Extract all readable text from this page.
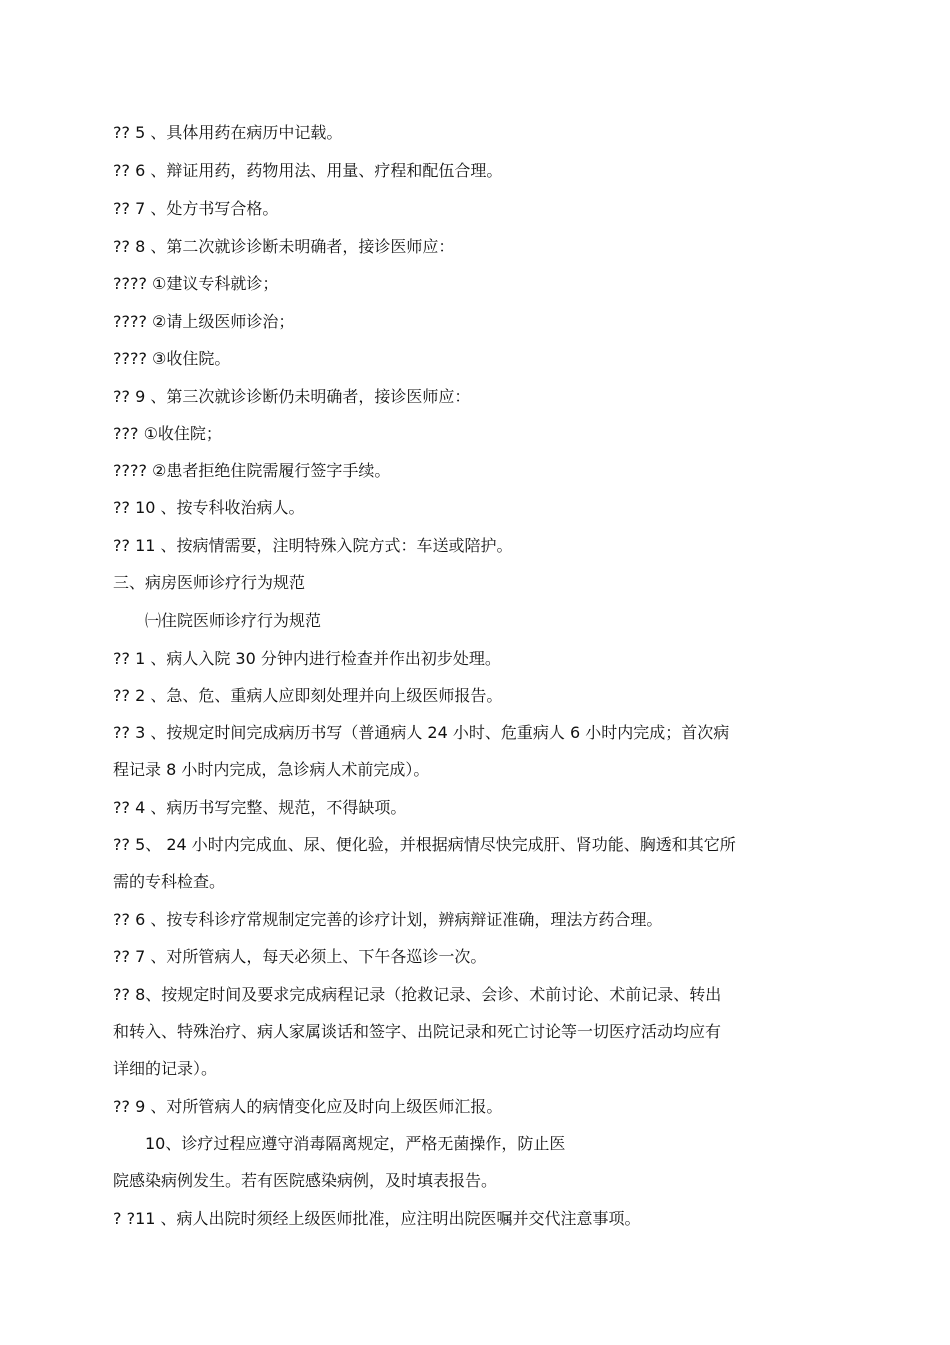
?? 5 、具体用药在病历中记载。
?? 6 、辩证用药，药物用法、用量、疗程和配伍合理。
?? 7 、处方书写合格。
?? 8 、第二次就诊诊断未明确者，接诊医师应：
???? ①建议专科就诊；
???? ②请上级医师诊治；
???? ③收住院。
?? 9 、第三次就诊诊断仍未明确者，接诊医师应：
??? ①收住院；
???? ②患者拒绝住院需履行签字手续。
?? 10 、按专科收治病人。
?? 11 、按病情需要，注明特殊入院方式：车送或陪护。
三、病房医师诊疗行为规范
㈠住院医师诊疗行为规范
?? 1 、病人入院 30 分钟内进行检查并作出初步处理。
?? 2 、急、危、重病人应即刻处理并向上级医师报告。
?? 3 、按规定时间完成病历书写（普通病人 24 小时、危重病人 6 小时内完成；首次病
程记录 8 小时内完成，急诊病人术前完成）。
?? 4 、病历书写完整、规范，不得缺项。
?? 5、 24 小时内完成血、尿、便化验，并根据病情尽快完成肝、肾功能、胸透和其它所
需的专科检查。
?? 6 、按专科诊疗常规制定完善的诊疗计划，辨病辩证准确，理法方药合理。
?? 7 、对所管病人，每天必须上、下午各巡诊一次。
?? 8、按规定时间及要求完成病程记录（抢救记录、会诊、术前讨论、术前记录、转出
和转入、特殊治疗、病人家属谈话和签字、出院记录和死亡讨论等一切医疗活动均应有
详细的记录）。
?? 9 、对所管病人的病情变化应及时向上级医师汇报。
10、诊疗过程应遵守消毒隔离规定，严格无菌操作，防止医
院感染病例发生。若有医院感染病例，及时填表报告。
? ?11 、病人出院时须经上级医师批准，应注明出院医嘱并交代注意事项。
